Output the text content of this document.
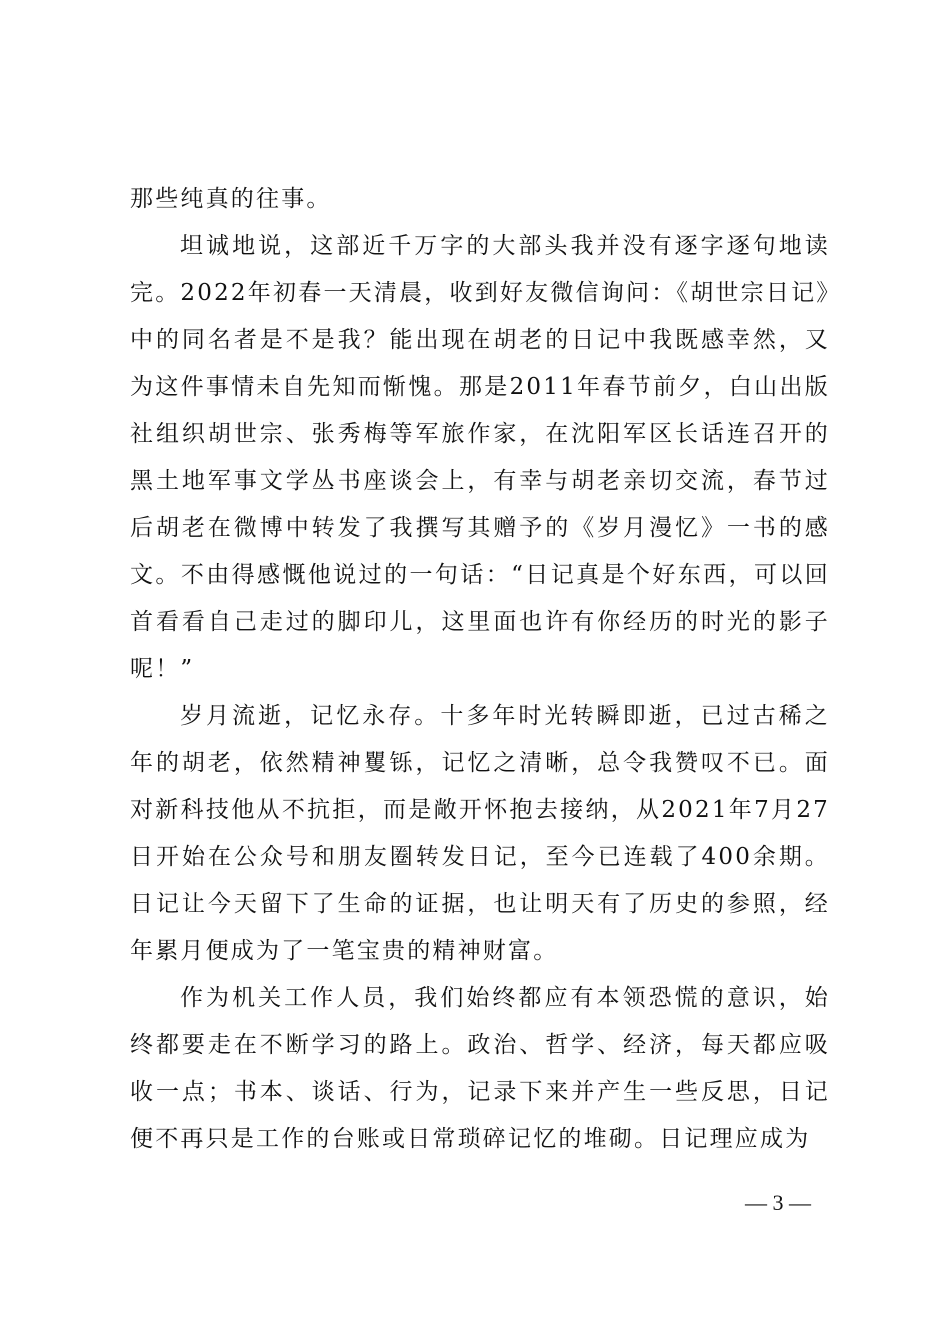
那些纯真的往事。

坦诚地说，这部近千万字的大部头我并没有逐字逐句地读完。2022年初春一天清晨，收到好友微信询问：《胡世宗日记》中的同名者是不是我？能出现在胡老的日记中我既感幸然，又为这件事情未自先知而惭愧。那是2011年春节前夕，白山出版社组织胡世宗、张秀梅等军旅作家，在沈阳军区长话连召开的黑土地军事文学丛书座谈会上，有幸与胡老亲切交流，春节过后胡老在微博中转发了我撰写其赠予的《岁月漫忆》一书的感文。不由得感慨他说过的一句话：“日记真是个好东西，可以回首看看自己走过的脚印儿，这里面也许有你经历的时光的影子呢！”

岁月流逝，记忆永存。十多年时光转瞬即逝，已过古稀之年的胡老，依然精神矍铄，记忆之清晰，总令我赞叹不已。面对新科技他从不抗拒，而是敞开怀抱去接纳，从2021年7月27日开始在公众号和朋友圈转发日记，至今已连载了400余期。日记让今天留下了生命的证据，也让明天有了历史的参照，经年累月便成为了一笔宝贵的精神财富。

作为机关工作人员，我们始终都应有本领恐慌的意识，始终都要走在不断学习的路上。政治、哲学、经济，每天都应吸收一点；书本、谈话、行为，记录下来并产生一些反思，日记便不再只是工作的台账或日常琐碎记忆的堆砌。日记理应成为

— 3 —
